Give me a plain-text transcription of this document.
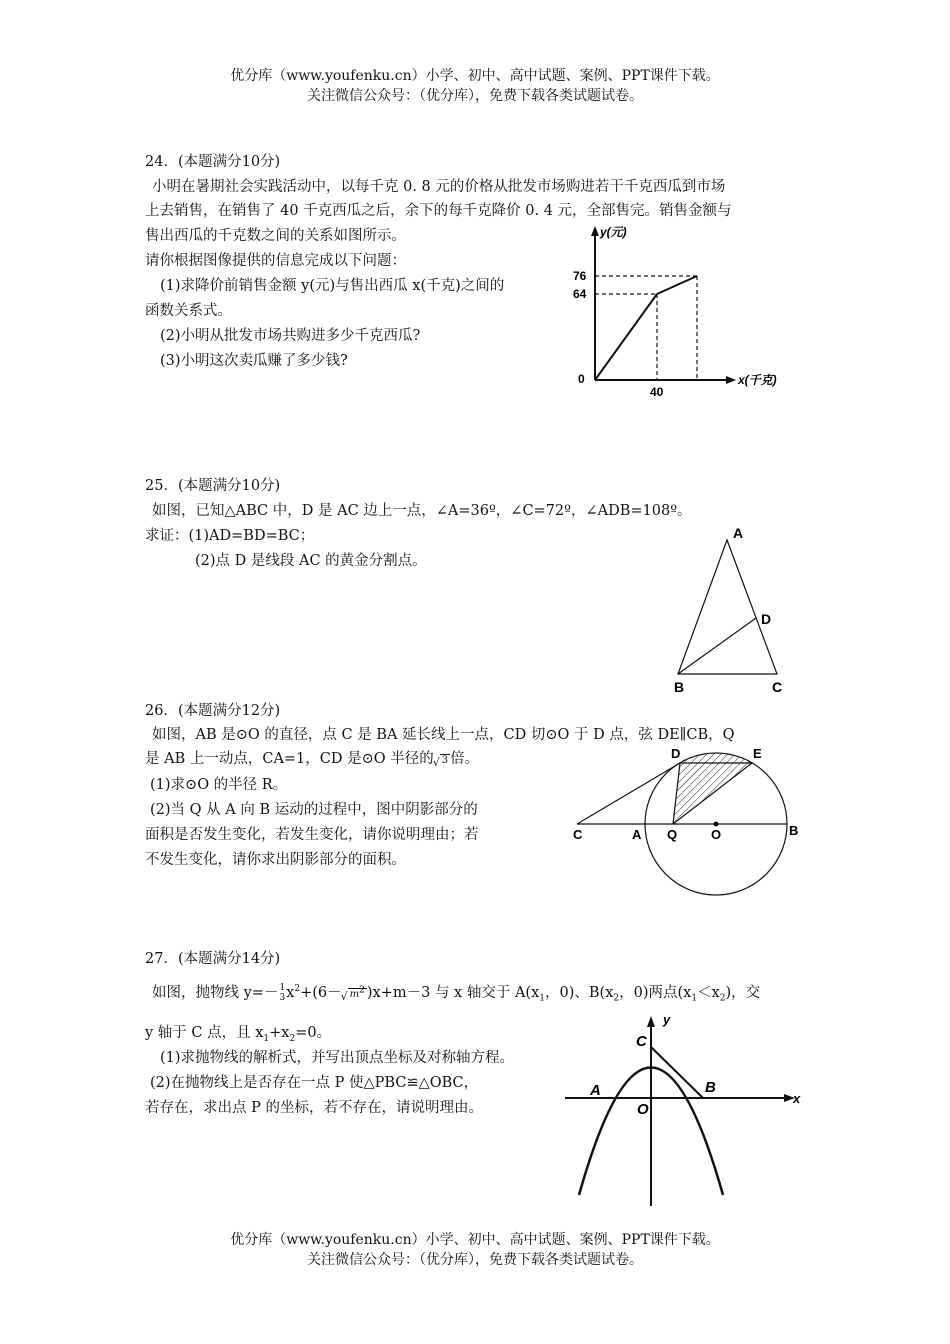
优分库（www.youfenku.cn）小学、初中、高中试题、案例、PPT课件下载。
关注微信公众号：（优分库），免费下载各类试题试卷。
24．(本题满分10分)
小明在暑期社会实践活动中，以每千克 0. 8 元的价格从批发市场购进若干千克西瓜到市场
上去销售，在销售了 40 千克西瓜之后，余下的每千克降价 0. 4 元，全部售完。销售金额与
售出西瓜的千克数之间的关系如图所示。
请你根据图像提供的信息完成以下问题：
(1)求降价前销售金额 y(元)与售出西瓜 x(千克)之间的
函数关系式。
(2)小明从批发市场共购进多少千克西瓜?
(3)小明这次卖瓜赚了多少钱?
y(元)
x(千克)
0
40
76
64
25．(本题满分10分)
如图，已知△ABC 中，D 是 AC 边上一点，∠A=36º，∠C=72º，∠ADB=108º。
求证：(1)AD=BD=BC；
(2)点 D 是线段 AC 的黄金分割点。
A
D
B	C
26．(本题满分12分)
如图，AB 是⊙O 的直径，点 C 是 BA 延长线上一点，CD 切⊙O 于 D 点，弦 DE∥CB，Q
是 AB 上一动点，CA=1，CD 是⊙O 半径的√ 3 倍。
(1)求⊙O 的半径 R。
(2)当 Q 从 A 向 B 运动的过程中，图中阴影部分的
面积是否发生变化，若发生变化，请你说明理由；若
不发生变化，请你求出阴影部分的面积。
D	E
C	A Q	O	B
27．(本题满分14分)
如图，抛物线 y=－ 1
3 $x^2+(6-√$ $m^2$ )x+m－3 与 x 轴交于 $A(x_1$，0)、$B(x_2$，0)两点$(x_1<x_2)$，交
y 轴于 C 点，且 $x_1+x_2=0$。
(1)求抛物线的解析式，并写出顶点坐标及对称轴方程。
(2)在抛物线上是否存在一点 P 使△PBC≌△OBC，
若存在，求出点 P 的坐标，若不存在，请说明理由。
y
x
C
A	B
O
优分库（www.youfenku.cn）小学、初中、高中试题、案例、PPT课件下载。
关注微信公众号：（优分库），免费下载各类试题试卷。
